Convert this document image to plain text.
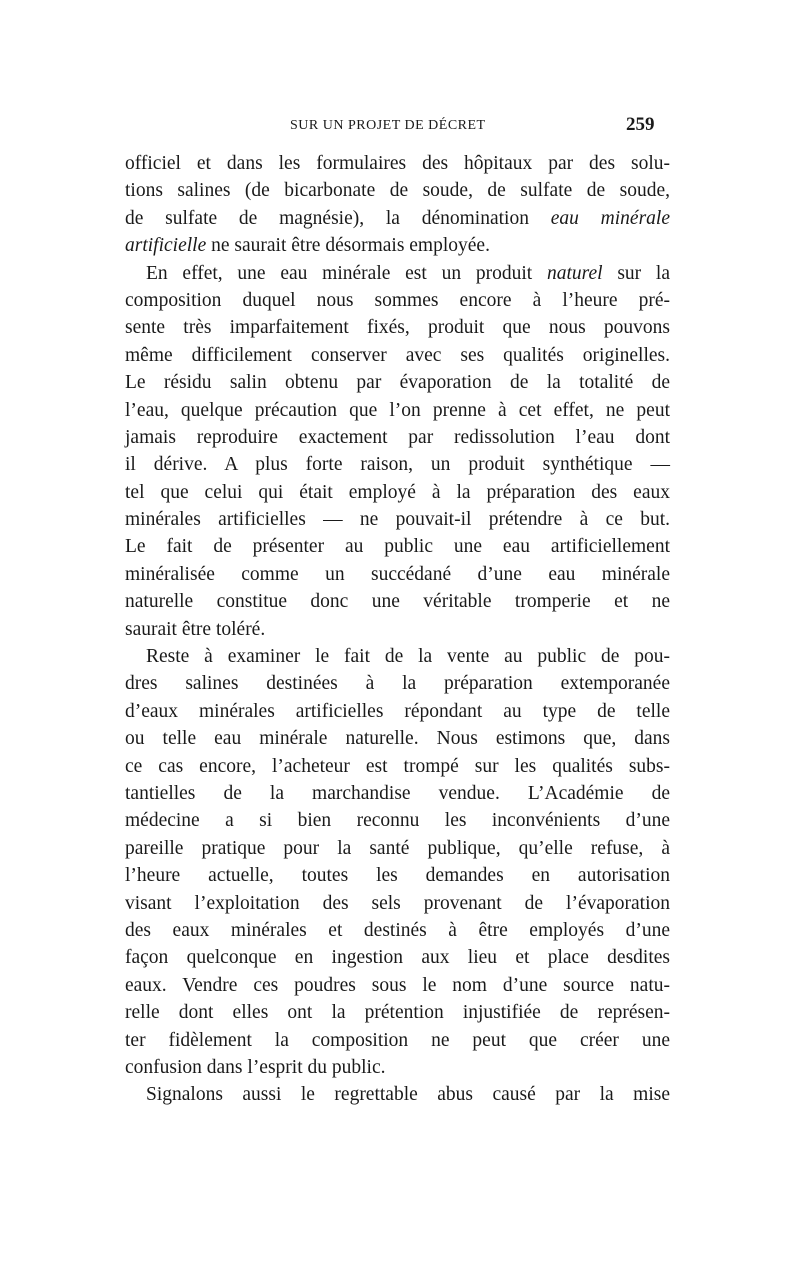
SUR UN PROJET DE DÉCRET	259
officiel et dans les formulaires des hôpitaux par des solu-
tions salines (de bicarbonate de soude, de sulfate de soude,
de sulfate de magnésie), la dénomination eau minérale
artificielle ne saurait être désormais employée.
En effet, une eau minérale est un produit naturel sur la
composition duquel nous sommes encore à l’heure pré-
sente très imparfaitement fixés, produit que nous pouvons
même difficilement conserver avec ses qualités originelles.
Le résidu salin obtenu par évaporation de la totalité de
l’eau, quelque précaution que l’on prenne à cet effet, ne peut
jamais reproduire exactement par redissolution l’eau dont
il dérive. A plus forte raison, un produit synthétique —
tel que celui qui était employé à la préparation des eaux
minérales artificielles — ne pouvait-il prétendre à ce but.
Le fait de présenter au public une eau artificiellement
minéralisée comme un succédané d’une eau minérale
naturelle constitue donc une véritable tromperie et ne
saurait être toléré.
Reste à examiner le fait de la vente au public de pou-
dres salines destinées à la préparation extemporanée
d’eaux minérales artificielles répondant au type de telle
ou telle eau minérale naturelle. Nous estimons que, dans
ce cas encore, l’acheteur est trompé sur les qualités subs-
tantielles de la marchandise vendue. L’Académie de
médecine a si bien reconnu les inconvénients d’une
pareille pratique pour la santé publique, qu’elle refuse, à
l’heure actuelle, toutes les demandes en autorisation
visant l’exploitation des sels provenant de l’évaporation
des eaux minérales et destinés à être employés d’une
façon quelconque en ingestion aux lieu et place desdites
eaux. Vendre ces poudres sous le nom d’une source natu-
relle dont elles ont la prétention injustifiée de représen-
ter fidèlement la composition ne peut que créer une
confusion dans l’esprit du public.
Signalons aussi le regrettable abus causé par la mise
